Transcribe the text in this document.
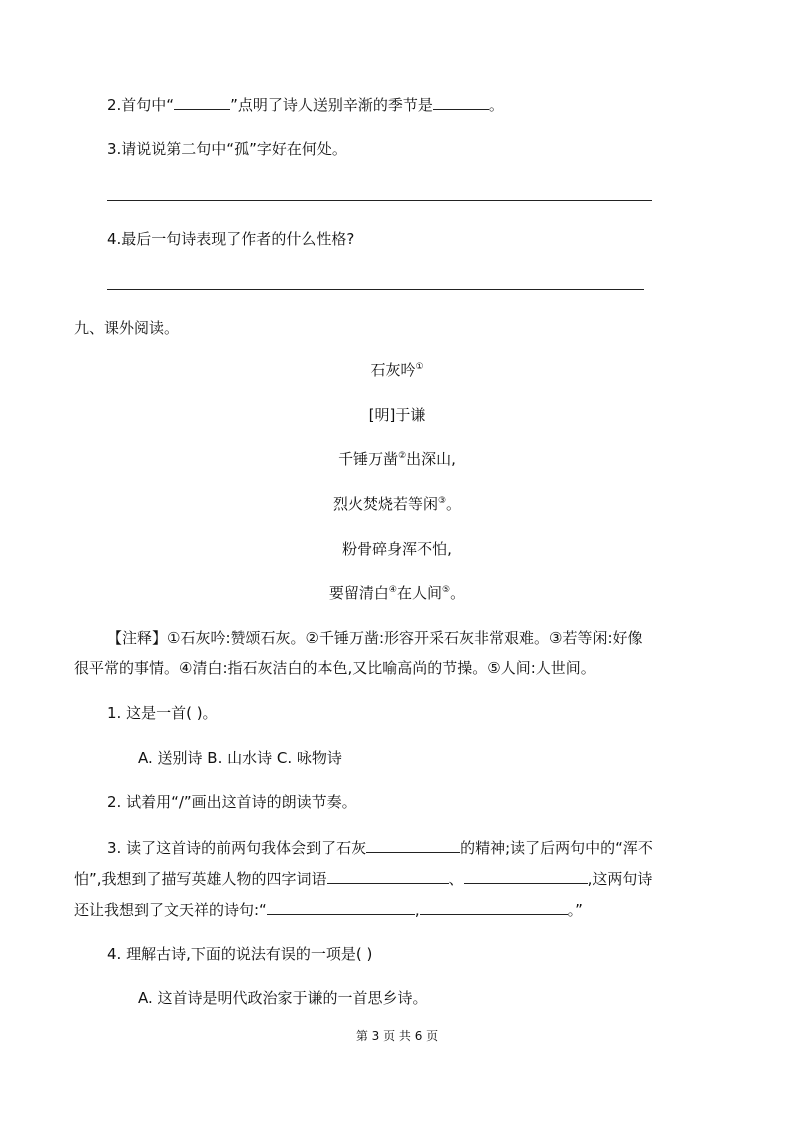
2.首句中“	”点明了诗人送别辛渐的季节是	。
3.请说说第二句中“孤”字好在何处。
4.最后一句诗表现了作者的什么性格?
九、课外阅读。
石灰吟①
[明]于谦
千锤万凿②出深山,
烈火焚烧若等闲③。
粉骨碎身浑不怕,
要留清白④在人间⑤。
【注释】①石灰吟:赞颂石灰。②千锤万凿:形容开采石灰非常艰难。③若等闲:好像
很平常的事情。④清白:指石灰洁白的本色,又比喻高尚的节操。⑤人间:人世间。
1. 这是一首( )。
A. 送别诗 B. 山水诗 C. 咏物诗
2. 试着用“/”画出这首诗的朗读节奏。
3. 读了这首诗的前两句我体会到了石灰	的精神;读了后两句中的“浑不
怕”,我想到了描写英雄人物的四字词语	、	,这两句诗
还让我想到了文天祥的诗句:“	,	。”
4. 理解古诗,下面的说法有误的一项是( )
A. 这首诗是明代政治家于谦的一首思乡诗。
第 3 页 共 6 页
